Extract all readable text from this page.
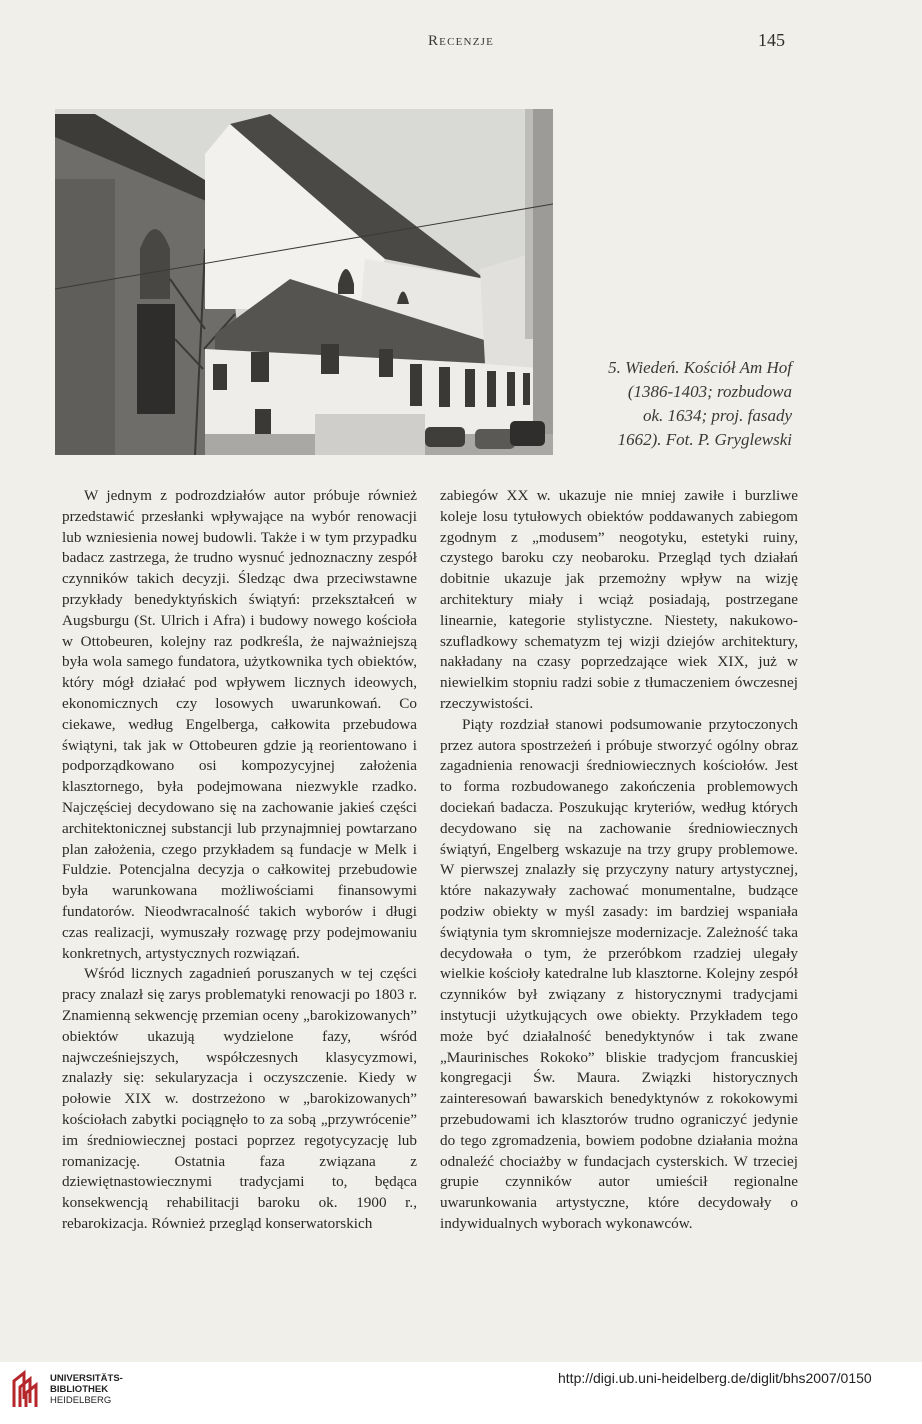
Recenzje	145
5. Wiedeń. Kościół Am Hof
(1386-1403; rozbudowa
ok. 1634; proj. fasady
1662). Fot. P. Gryglewski

W jednym z podrozdziałów autor próbuje również przedstawić przesłanki wpływające na wybór renowacji lub wzniesienia nowej budowli. Także i w tym przypadku badacz zastrzega, że trudno wysnuć jednoznaczny zespół czynników takich decyzji. Śledząc dwa przeciwstawne przykłady benedyktyńskich świątyń: przekształceń w Augsburgu (St. Ulrich i Afra) i budowy nowego kościoła w Ottobeuren, kolejny raz podkreśla, że najważniejszą była wola samego fundatora, użytkownika tych obiektów, który mógł działać pod wpływem licznych ideowych, ekonomicznych czy losowych uwarunkowań. Co ciekawe, według Engelberga, całkowita przebudowa świątyni, tak jak w Ottobeuren gdzie ją reorientowano i podporządkowano osi kompozycyjnej założenia klasztornego, była podejmowana niezwykle rzadko. Najczęściej decydowano się na zachowanie jakieś części architektonicznej substancji lub przynajmniej powtarzano plan założenia, czego przykładem są fundacje w Melk i Fuldzie. Potencjalna decyzja o całkowitej przebudowie była warunkowana możliwościami finansowymi fundatorów. Nieodwracalność takich wyborów i długi czas realizacji, wymuszały rozwagę przy podejmowaniu konkretnych, artystycznych rozwiązań.

Wśród licznych zagadnień poruszanych w tej części pracy znalazł się zarys problematyki renowacji po 1803 r. Znamienną sekwencję przemian oceny „barokizowanych” obiektów ukazują wydzielone fazy, wśród najwcześniejszych, współczesnych klasycyzmowi, znalazły się: sekularyzacja i oczyszczenie. Kiedy w połowie XIX w. dostrzeżono w „barokizowanych” kościołach zabytki pociągnęło to za sobą „przywrócenie” im średniowiecznej postaci poprzez regotycyzację lub romanizację. Ostatnia faza związana z dziewiętnastowiecznymi tradycjami to, będąca konsekwencją rehabilitacji baroku ok. 1900 r., rebarokizacja. Również przegląd konserwatorskich

zabiegów XX w. ukazuje nie mniej zawiłe i burzliwe koleje losu tytułowych obiektów poddawanych zabiegom zgodnym z „modusem” neogotyku, estetyki ruiny, czystego baroku czy neobaroku. Przegląd tych działań dobitnie ukazuje jak przemożny wpływ na wizję architektury miały i wciąż posiadają, postrzegane linearnie, kategorie stylistyczne. Niestety, nakukowo-szufladkowy schematyzm tej wizji dziejów architektury, nakładany na czasy poprzedzające wiek XIX, już w niewielkim stopniu radzi sobie z tłumaczeniem ówczesnej rzeczywistości.

Piąty rozdział stanowi podsumowanie przytoczonych przez autora spostrzeżeń i próbuje stworzyć ogólny obraz zagadnienia renowacji średniowiecznych kościołów. Jest to forma rozbudowanego zakończenia problemowych dociekań badacza. Poszukując kryteriów, według których decydowano się na zachowanie średniowiecznych świątyń, Engelberg wskazuje na trzy grupy problemowe. W pierwszej znalazły się przyczyny natury artystycznej, które nakazywały zachować monumentalne, budzące podziw obiekty w myśl zasady: im bardziej wspaniała świątynia tym skromniejsze modernizacje. Zależność taka decydowała o tym, że przeróbkom rzadziej ulegały wielkie kościoły katedralne lub klasztorne. Kolejny zespół czynników był związany z historycznymi tradycjami instytucji użytkujących owe obiekty. Przykładem tego może być działalność benedyktynów i tak zwane „Maurinisches Rokoko” bliskie tradycjom francuskiej kongregacji Św. Maura. Związki historycznych zainteresowań bawarskich benedyktynów z rokokowymi przebudowami ich klasztorów trudno ograniczyć jedynie do tego zgromadzenia, bowiem podobne działania można odnaleźć chociażby w fundacjach cysterskich. W trzeciej grupie czynników autor umieścił regionalne uwarunkowania artystyczne, które decydowały o indywidualnych wyborach wykonawców.

UNIVERSITÄTS-
BIBLIOTHEK
HEIDELBERG
http://digi.ub.uni-heidelberg.de/diglit/bhs2007/0150
